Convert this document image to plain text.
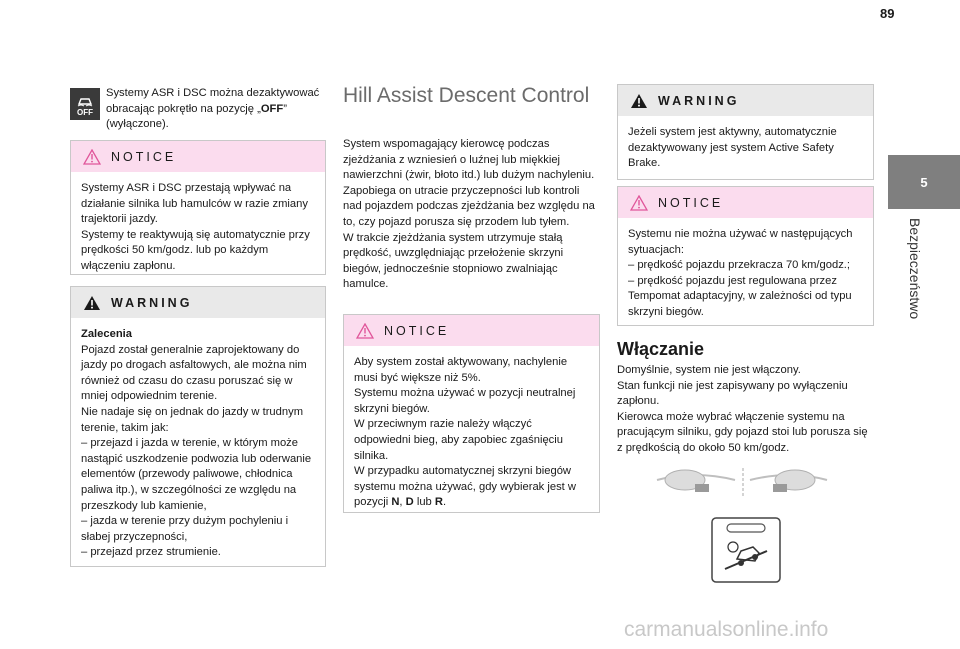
89
OFF

Systemy ASR i DSC można dezaktywować obracając pokrętło na pozycję „OFF” (wyłączone).

NOTICE

Systemy ASR i DSC przestają wpływać na działanie silnika lub hamulców w razie zmiany trajektorii jazdy.
Systemy te reaktywują się automatycznie przy prędkości 50 km/godz. lub po każdym włączeniu zapłonu.

WARNING

Zalecenia

Pojazd został generalnie zaprojektowany do jazdy po drogach asfaltowych, ale można nim również od czasu do czasu poruszać się w mniej odpowiednim terenie.
Nie nadaje się on jednak do jazdy w trudnym terenie, takim jak:
– przejazd i jazda w terenie, w którym może nastąpić uszkodzenie podwozia lub oderwanie elementów (przewody paliwowe, chłodnica paliwa itp.), w szczególności ze względu na przeszkody lub kamienie,
– jazda w terenie przy dużym pochyleniu i słabej przyczepności,
– przejazd przez strumienie.

Hill Assist Descent Control

System wspomagający kierowcę podczas zjeżdżania z wzniesień o luźnej lub miękkiej nawierzchni (żwir, błoto itd.) lub dużym nachyleniu.
Zapobiega on utracie przyczepności lub kontroli nad pojazdem podczas zjeżdżania bez względu na to, czy pojazd porusza się przodem lub tyłem.
W trakcie zjeżdżania system utrzymuje stałą prędkość, uwzględniając przełożenie skrzyni biegów, jednocześnie stopniowo zwalniając hamulce.

NOTICE

Aby system został aktywowany, nachylenie musi być większe niż 5%.
Systemu można używać w pozycji neutralnej skrzyni biegów.
W przeciwnym razie należy włączyć odpowiedni bieg, aby zapobiec zgaśnięciu silnika.
W przypadku automatycznej skrzyni biegów systemu można używać, gdy wybierak jest w pozycji N, D lub R.

WARNING

Jeżeli system jest aktywny, automatycznie dezaktywowany jest system Active Safety Brake.

NOTICE

Systemu nie można używać w następujących sytuacjach:
– prędkość pojazdu przekracza 70 km/godz.;
– prędkość pojazdu jest regulowana przez Tempomat adaptacyjny, w zależności od typu skrzyni biegów.

Włączanie

Domyślnie, system nie jest włączony.
Stan funkcji nie jest zapisywany po wyłączeniu zapłonu.
Kierowca może wybrać włączenie systemu na pracującym silniku, gdy pojazd stoi lub porusza się z prędkością do około 50 km/godz.

5
Bezpieczeństwo
carmanualsonline.info
